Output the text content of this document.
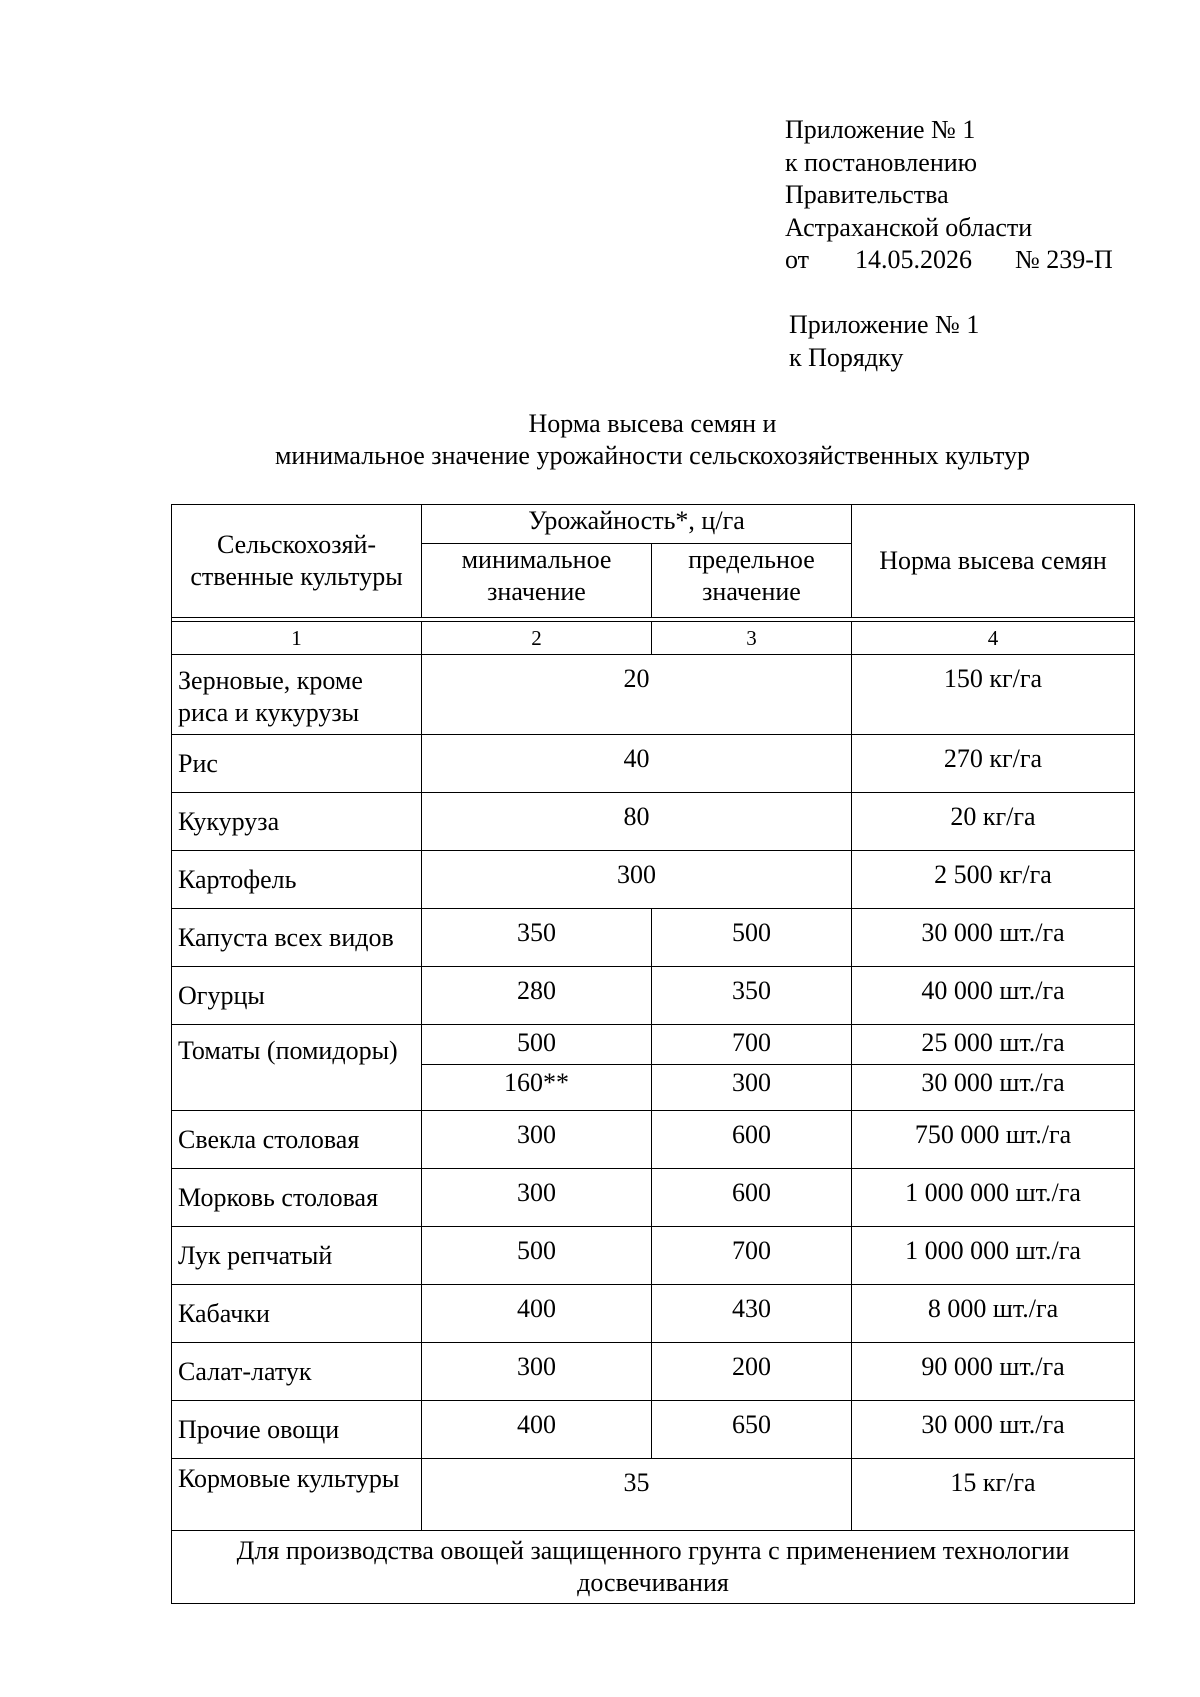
Приложение № 1
к постановлению
Правительства
Астраханской области
от	14.05.2026	№ 239-П
Приложение № 1
к Порядку
Норма высева семян и
минимальное значение урожайности сельскохозяйственных культур
Сельскохозяй-ственные культуры	Урожайность*, ц/га		Норма высева семян
	минимальное значение	предельное значение	

1	2	3	4
Зерновые, кроме риса и кукурузы	20		150 кг/га
Рис	40		270 кг/га
Кукуруза	80		20 кг/га
Картофель	300		2 500 кг/га
Капуста всех видов	350	500	30 000 шт./га
Огурцы	280	350	40 000 шт./га
Томаты (помидоры)	500	700	25 000 шт./га
	160**	300	30 000 шт./га
Свекла столовая	300	600	750 000 шт./га
Морковь столовая	300	600	1 000 000 шт./га
Лук репчатый	500	700	1 000 000 шт./га
Кабачки	400	430	8 000 шт./га
Салат-латук	300	200	90 000 шт./га
Прочие овощи	400	650	30 000 шт./га
Кормовые культуры	35		15 кг/га
Для производства овощей защищенного грунта с применением технологии досвечивания			
